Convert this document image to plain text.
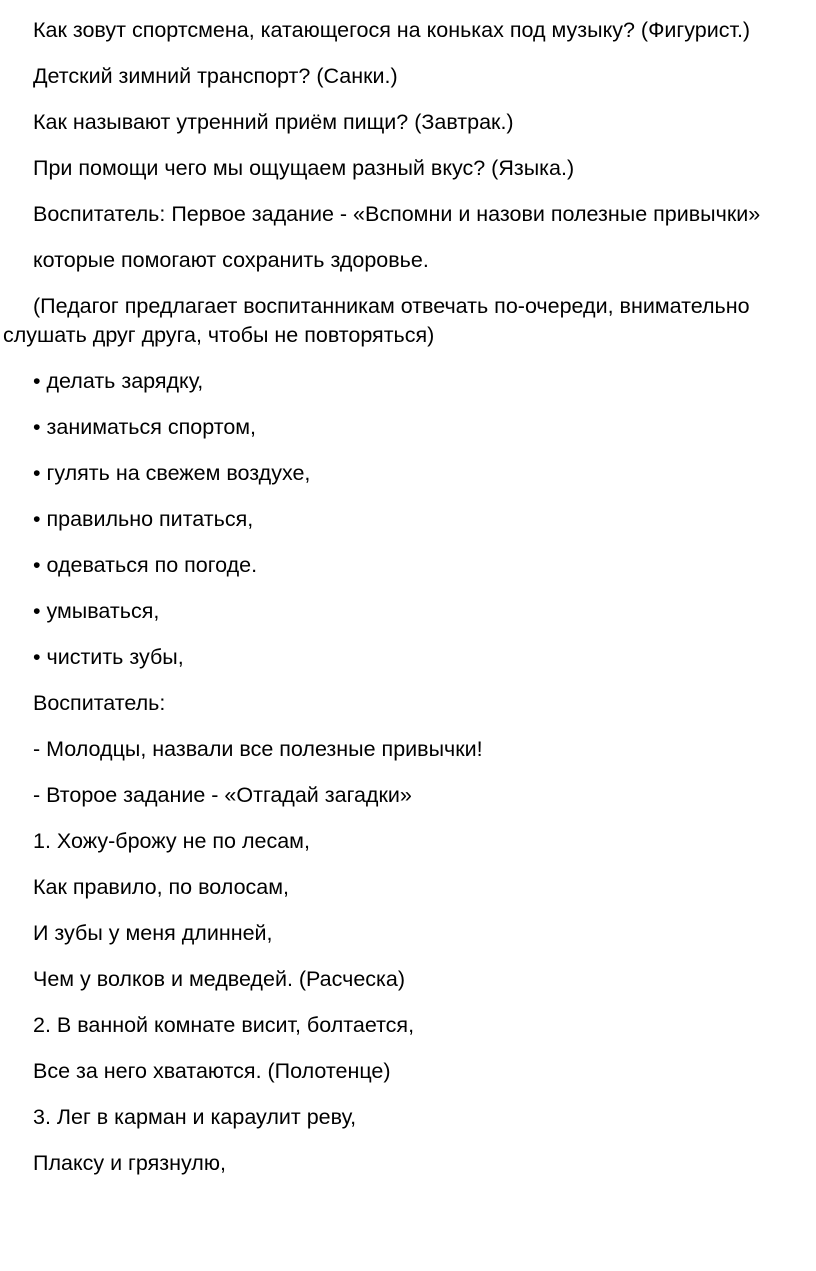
Как зовут спортсмена, катающегося на коньках под музыку? (Фигурист.)

Детский зимний транспорт? (Санки.)

Как называют утренний приём пищи? (Завтрак.)

При помощи чего мы ощущаем разный вкус? (Языка.)

Воспитатель: Первое задание - «Вспомни и назови полезные привычки»

которые помогают сохранить здоровье.

(Педагог предлагает воспитанникам отвечать по-очереди, внимательно слушать друг друга, чтобы не повторяться)

• делать зарядку,

• заниматься спортом,

• гулять на свежем воздухе,

• правильно питаться,

• одеваться по погоде.

• умываться,

• чистить зубы,

Воспитатель:

- Молодцы, назвали все полезные привычки!

- Второе задание - «Отгадай загадки»

1. Хожу-брожу не по лесам,

Как правило, по волосам,

И зубы у меня длинней,

Чем у волков и медведей. (Расческа)

2. В ванной комнате висит, болтается,

Все за него хватаются. (Полотенце)

3. Лег в карман и караулит реву,

Плаксу и грязнулю,
